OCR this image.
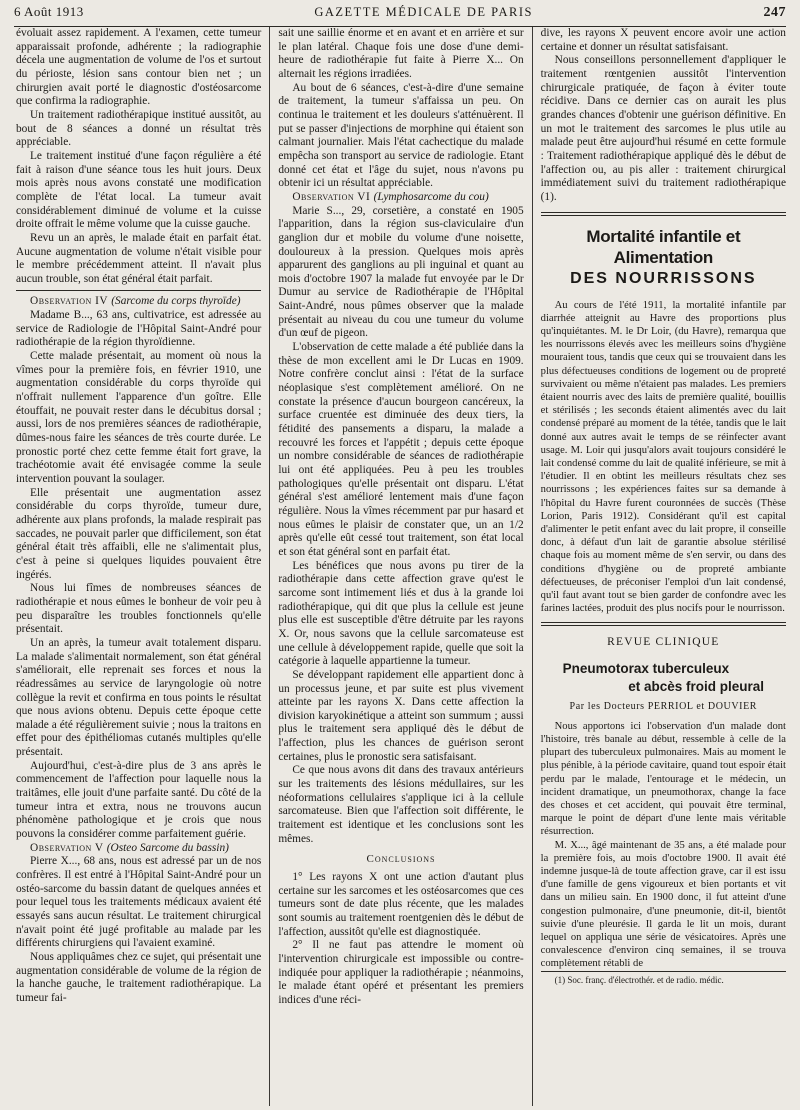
6 Août 1913	GAZETTE MÉDICALE DE PARIS	247

évoluait assez rapidement. A l'examen, cette tumeur apparaissait profonde, adhérente ; la radiographie décela une augmentation de volume de l'os et surtout du périoste, lésion sans contour bien net ; un chirurgien avait porté le diagnostic d'ostéosarcome que confirma la radiographie.

Un traitement radiothérapique institué aussitôt, au bout de 8 séances a donné un résultat très appréciable.

Le traitement institué d'une façon régulière a été fait à raison d'une séance tous les huit jours. Deux mois après nous avons constaté une modification complète de l'état local. La tumeur avait considérablement diminué de volume et la cuisse droite offrait le même volume que la cuisse gauche.

Revu un an après, le malade était en parfait état. Aucune augmentation de volume n'était visible pour le membre précédemment atteint. Il n'avait plus aucun trouble, son état général était parfait.

Observation IV (Sarcome du corps thyroïde)

Madame B..., 63 ans, cultivatrice, est adressée au service de Radiologie de l'Hôpital Saint-André pour radiothérapie de la région thyroïdienne.

Cette malade présentait, au moment où nous la vîmes pour la première fois, en février 1910, une augmentation considérable du corps thyroïde qui n'offrait nullement l'apparence d'un goître. Elle étouffait, ne pouvait rester dans le décubitus dorsal ; aussi, lors de nos premières séances de radiothérapie, dûmes-nous faire les séances de très courte durée. Le pronostic porté chez cette femme était fort grave, la trachéotomie avait été envisagée comme la seule intervention pouvant la soulager.

Elle présentait une augmentation assez considérable du corps thyroïde, tumeur dure, adhérente aux plans profonds, la malade respirait pas saccades, ne pouvait parler que difficilement, son état général était très affaibli, elle ne s'alimentait plus, c'est à peine si quelques liquides pouvaient être ingérés.

Nous lui fîmes de nombreuses séances de radiothérapie et nous eûmes le bonheur de voir peu à peu disparaître les troubles fonctionnels qu'elle présentait.

Un an après, la tumeur avait totalement disparu. La malade s'alimentait normalement, son état général s'améliorait, elle reprenait ses forces et nous la réadressâmes au service de laryngologie où notre collègue la revit et confirma en tous points le résultat que nous avions obtenu. Depuis cette époque cette malade a été régulièrement suivie ; nous la traitons en effet pour des épithéliomas cutanés multiples qu'elle présentait.

Aujourd'hui, c'est-à-dire plus de 3 ans après le commencement de l'affection pour laquelle nous la traitâmes, elle jouit d'une parfaite santé. Du côté de la tumeur intra et extra, nous ne trouvons aucun phénomène pathologique et je crois que nous pouvons la considérer comme parfaitement guérie.

Observation V (Osteo Sarcome du bassin)

Pierre X..., 68 ans, nous est adressé par un de nos confrères. Il est entré à l'Hôpital Saint-André pour un ostéo-sarcome du bassin datant de quelques années et pour lequel tous les traitements médicaux avaient été essayés sans aucun résultat. Le traitement chirurgical n'avait point été jugé profitable au malade par les différents chirurgiens qui l'avaient examiné.

Nous appliquâmes chez ce sujet, qui présentait une augmentation considérable de volume de la région de la hanche gauche, le traitement radiothérapique. La tumeur fai-

sait une saillie énorme et en avant et en arrière et sur le plan latéral. Chaque fois une dose d'une demi-heure de radiothérapie fut faite à Pierre X... On alternait les régions irradiées.

Au bout de 6 séances, c'est-à-dire d'une semaine de traitement, la tumeur s'affaissa un peu. On continua le traitement et les douleurs s'atténuèrent. Il put se passer d'injections de morphine qui étaient son calmant journalier. Mais l'état cachectique du malade empêcha son transport au service de radiologie. Etant donné cet état et l'âge du sujet, nous n'avons pu obtenir ici un résultat appréciable.

Observation VI (Lymphosarcome du cou)

Marie S..., 29, corsetière, a constaté en 1905 l'apparition, dans la région sus-claviculaire d'un ganglion dur et mobile du volume d'une noisette, douloureux à la pression. Quelques mois après apparurent des ganglions au pli inguinal et quant au mois d'octobre 1907 la malade fut envoyée par le Dr Dumur au service de Radiothérapie de l'Hôpital Saint-André, nous pûmes observer que la malade présentait au niveau du cou une tumeur du volume d'un œuf de pigeon.

L'observation de cette malade a été publiée dans la thèse de mon excellent ami le Dr Lucas en 1909. Notre confrère conclut ainsi : l'état de la surface néoplasique s'est complètement amélioré. On ne constate la présence d'aucun bourgeon cancéreux, la surface cruentée est diminuée des deux tiers, la fétidité des pansements a disparu, la malade a recouvré les forces et l'appétit ; depuis cette époque un nombre considérable de séances de radiothérapie lui ont été appliquées. Peu à peu les troubles pathologiques qu'elle présentait ont disparu. L'état général s'est amélioré lentement mais d'une façon régulière. Nous la vîmes récemment par pur hasard et nous eûmes le plaisir de constater que, un an 1/2 après qu'elle eût cessé tout traitement, son état local et son état général sont en parfait état.

Les bénéfices que nous avons pu tirer de la radiothérapie dans cette affection grave qu'est le sarcome sont intimement liés et dus à la grande loi radiothérapique, qui dit que plus la cellule est jeune plus elle est susceptible d'être détruite par les rayons X. Or, nous savons que la cellule sarcomateuse est une cellule à développement rapide, quelle que soit la catégorie à laquelle appartienne la tumeur.

Se développant rapidement elle appartient donc à un processus jeune, et par suite est plus vivement atteinte par les rayons X. Dans cette affection la division karyokinétique a atteint son summum ; aussi plus le traitement sera appliqué dès le début de l'affection, plus les chances de guérison seront certaines, plus le pronostic sera satisfaisant.

Ce que nous avons dit dans des travaux antérieurs sur les traitements des lésions médullaires, sur les néoformations cellulaires s'applique ici à la cellule sarcomateuse. Bien que l'affection soit différente, le traitement est identique et les conclusions sont les mêmes.

Conclusions

1° Les rayons X ont une action d'autant plus certaine sur les sarcomes et les ostéosarcomes que ces tumeurs sont de date plus récente, que les malades sont soumis au traitement roentgenien dès le début de l'affection, aussitôt qu'elle est diagnostiquée.

2° Il ne faut pas attendre le moment où l'intervention chirurgicale est impossible ou contre-indiquée pour appliquer la radiothérapie ; néanmoins, le malade étant opéré et présentant les premiers indices d'une réci-

dive, les rayons X peuvent encore avoir une action certaine et donner un résultat satisfaisant.

Nous conseillons personnellement d'appliquer le traitement rœntgenien aussitôt l'intervention chirurgicale pratiquée, de façon à éviter toute récidive. Dans ce dernier cas on aurait les plus grandes chances d'obtenir une guérison définitive. En un mot le traitement des sarcomes le plus utile au malade peut être aujourd'hui résumé en cette formule : Traitement radiothérapique appliqué dès le début de l'affection ou, au pis aller : traitement chirurgical immédiatement suivi du traitement radiothérapique (1).

Mortalité infantile et Alimentation
DES NOURRISSONS

Au cours de l'été 1911, la mortalité infantile par diarrhée atteignit au Havre des proportions plus qu'inquiétantes. M. le Dr Loir, (du Havre), remarqua que les nourrissons élevés avec les meilleurs soins d'hygiène mouraient tous, tandis que ceux qui se trouvaient dans les plus défectueuses conditions de logement ou de propreté survivaient ou même n'étaient pas malades. Les premiers étaient nourris avec des laits de première qualité, bouillis et stérilisés ; les seconds étaient alimentés avec du lait condensé préparé au moment de la tétée, tandis que le lait donné aux autres avait le temps de se réinfecter avant usage. M. Loir qui jusqu'alors avait toujours considéré le lait condensé comme du lait de qualité inférieure, se mit à l'étudier. Il en obtint les meilleurs résultats chez ses nourrissons ; les expériences faites sur sa demande à l'hôpital du Havre furent couronnées de succès (Thèse Lorion, Paris 1912). Considérant qu'il est capital d'alimenter le petit enfant avec du lait propre, il conseille donc, à défaut d'un lait de garantie absolue stérilisé chaque fois au moment même de s'en servir, ou dans des conditions d'hygiène ou de propreté ambiante défectueuses, de préconiser l'emploi d'un lait condensé, qu'il faut avant tout se bien garder de confondre avec les farines lactées, produit des plus nocifs pour le nourrisson.

REVUE CLINIQUE
Pneumotorax tuberculeux
et abcès froid pleural
Par les Docteurs PERRIOL et DOUVIER

Nous apportons ici l'observation d'un malade dont l'histoire, très banale au début, ressemble à celle de la plupart des tuberculeux pulmonaires. Mais au moment le plus pénible, à la période cavitaire, quand tout espoir était perdu par le malade, l'entourage et le médecin, un incident dramatique, un pneumothorax, change la face des choses et cet accident, qui pouvait être terminal, marque le point de départ d'une lente mais véritable résurrection.

M. X..., âgé maintenant de 35 ans, a été malade pour la première fois, au mois d'octobre 1900. Il avait été indemne jusque-là de toute affection grave, car il est issu d'une famille de gens vigoureux et bien portants et vit dans un milieu sain. En 1900 donc, il fut atteint d'une congestion pulmonaire, d'une pneumonie, dit-il, bientôt suivie d'une pleurésie. Il garda le lit un mois, durant lequel on appliqua une série de vésicatoires. Après une convalescence d'environ cinq semaines, il se trouva complètement rétabli de

(1) Soc. franç. d'électrothér. et de radio. médic.
